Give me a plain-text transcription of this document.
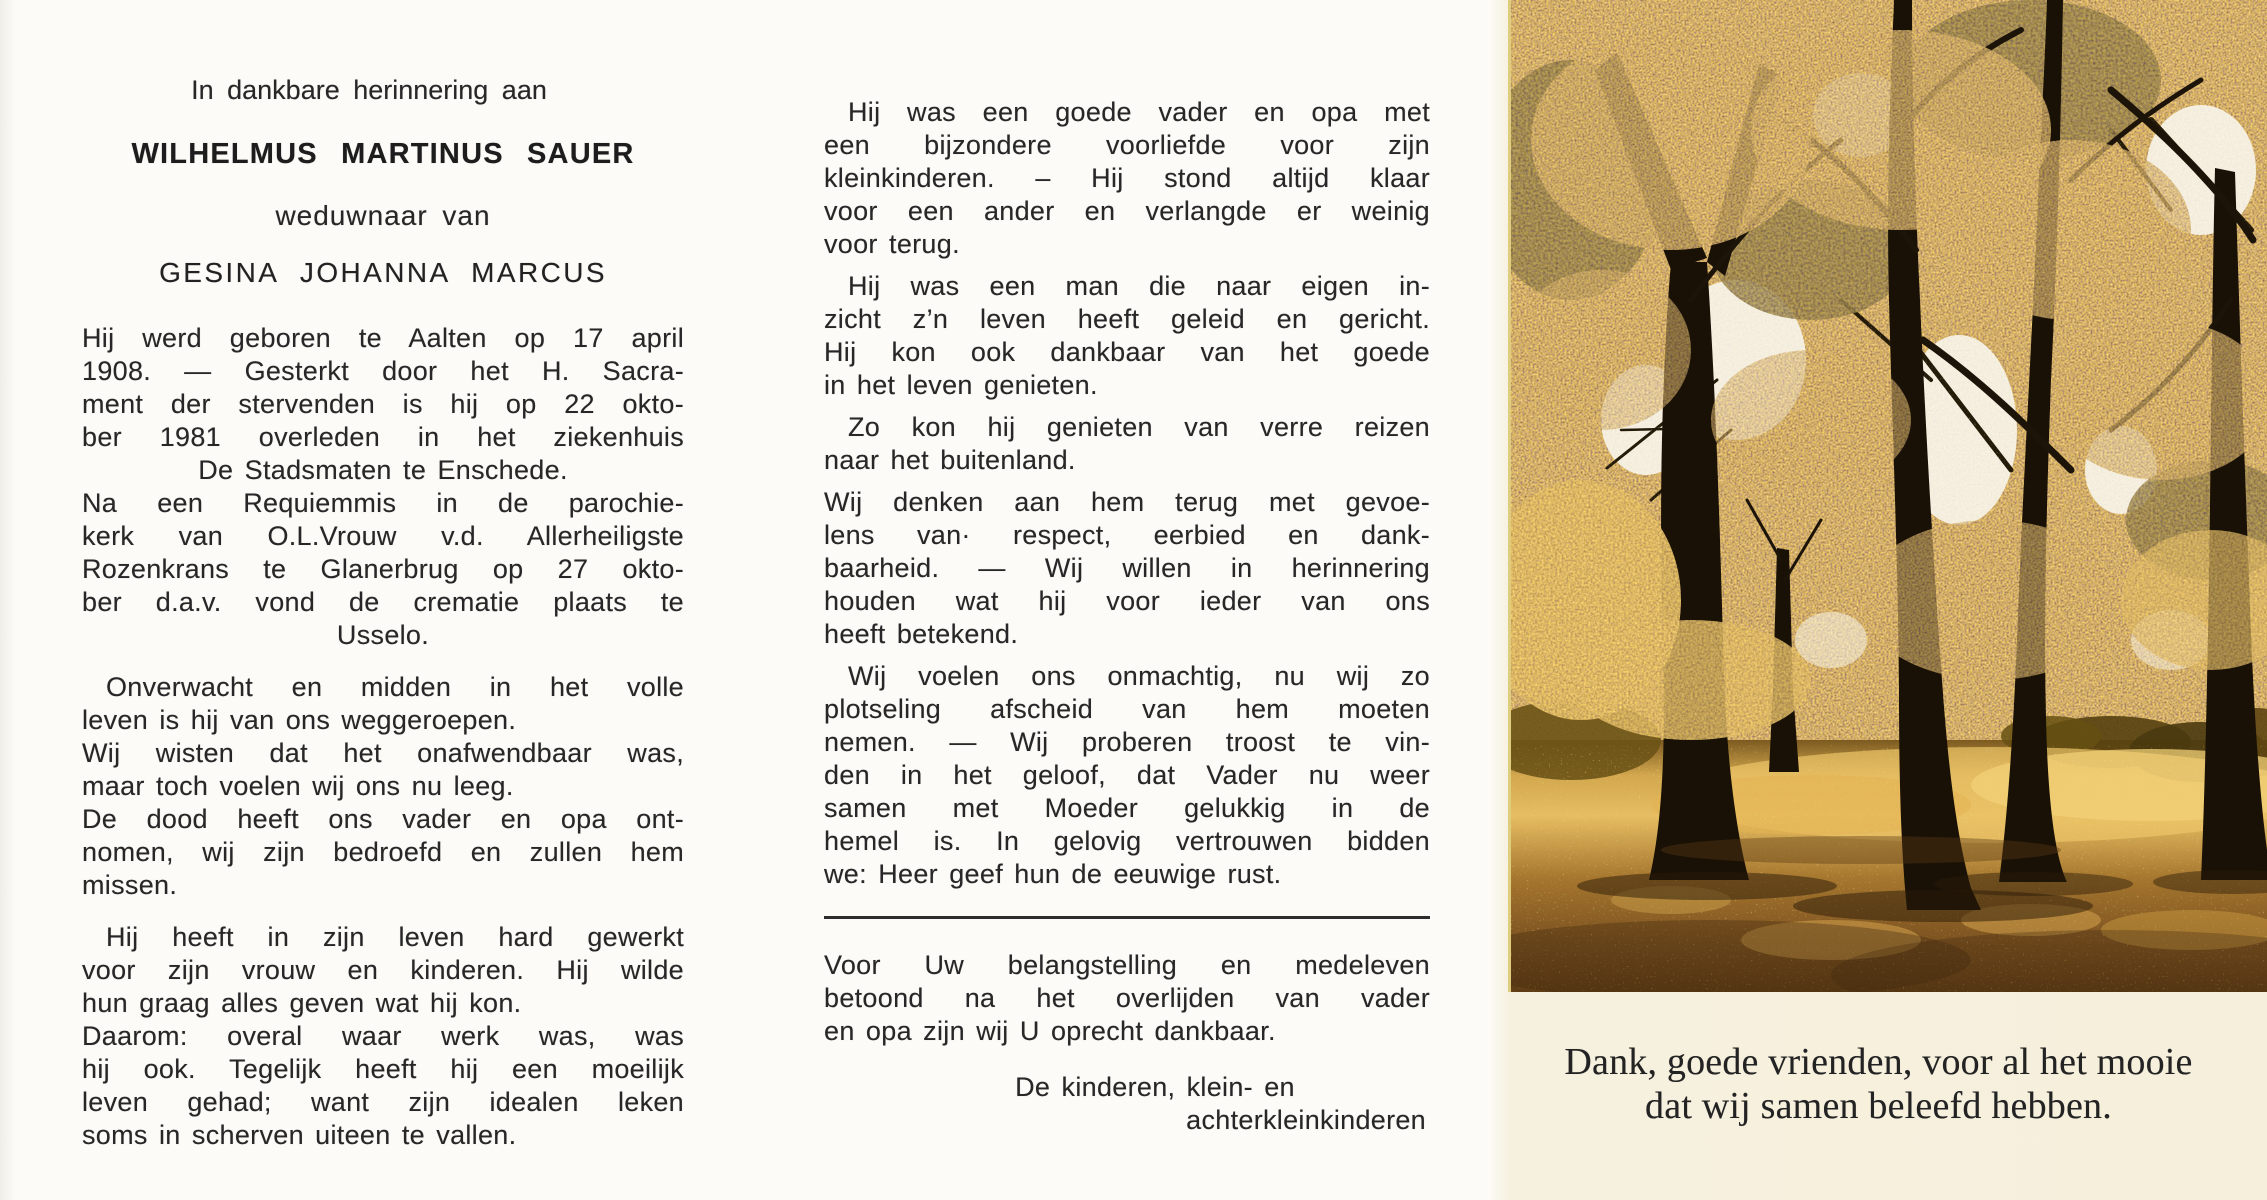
In dankbare herinnering aan
WILHELMUS MARTINUS SAUER
weduwnaar van
GESINA JOHANNA MARCUS
Hij werd geboren te Aalten op 17 april
1908. — Gesterkt door het H. Sacra-
ment der stervenden is hij op 22 okto-
ber 1981 overleden in het ziekenhuis
De Stadsmaten te Enschede.
Na een Requiemmis in de parochie-
kerk van O.L.Vrouw v.d. Allerheiligste
Rozenkrans te Glanerbrug op 27 okto-
ber d.a.v. vond de crematie plaats te
Usselo.
Onverwacht en midden in het volle
leven is hij van ons weggeroepen.
Wij wisten dat het onafwendbaar was,
maar toch voelen wij ons nu leeg.
De dood heeft ons vader en opa ont-
nomen, wij zijn bedroefd en zullen hem
missen.
Hij heeft in zijn leven hard gewerkt
voor zijn vrouw en kinderen. Hij wilde
hun graag alles geven wat hij kon.
Daarom: overal waar werk was, was
hij ook. Tegelijk heeft hij een moeilijk
leven gehad; want zijn idealen leken
soms in scherven uiteen te vallen.
Hij was een goede vader en opa met
een bijzondere voorliefde voor zijn
kleinkinderen. – Hij stond altijd klaar
voor een ander en verlangde er weinig
voor terug.
Hij was een man die naar eigen in-
zicht z’n leven heeft geleid en gericht.
Hij kon ook dankbaar van het goede
in het leven genieten.
Zo kon hij genieten van verre reizen
naar het buitenland.
Wij denken aan hem terug met gevoe-
lens van· respect, eerbied en dank-
baarheid. — Wij willen in herinnering
houden wat hij voor ieder van ons
heeft betekend.
Wij voelen ons onmachtig, nu wij zo
plotseling afscheid van hem moeten
nemen. — Wij proberen troost te vin-
den in het geloof, dat Vader nu weer
samen met Moeder gelukkig in de
hemel is. In gelovig vertrouwen bidden
we: Heer geef hun de eeuwige rust.
Voor Uw belangstelling en medeleven
betoond na het overlijden van vader
en opa zijn wij U oprecht dankbaar.
De kinderen, klein- en
achterkleinkinderen
Dank, goede vrienden, voor al het mooie
dat wij samen beleefd hebben.
